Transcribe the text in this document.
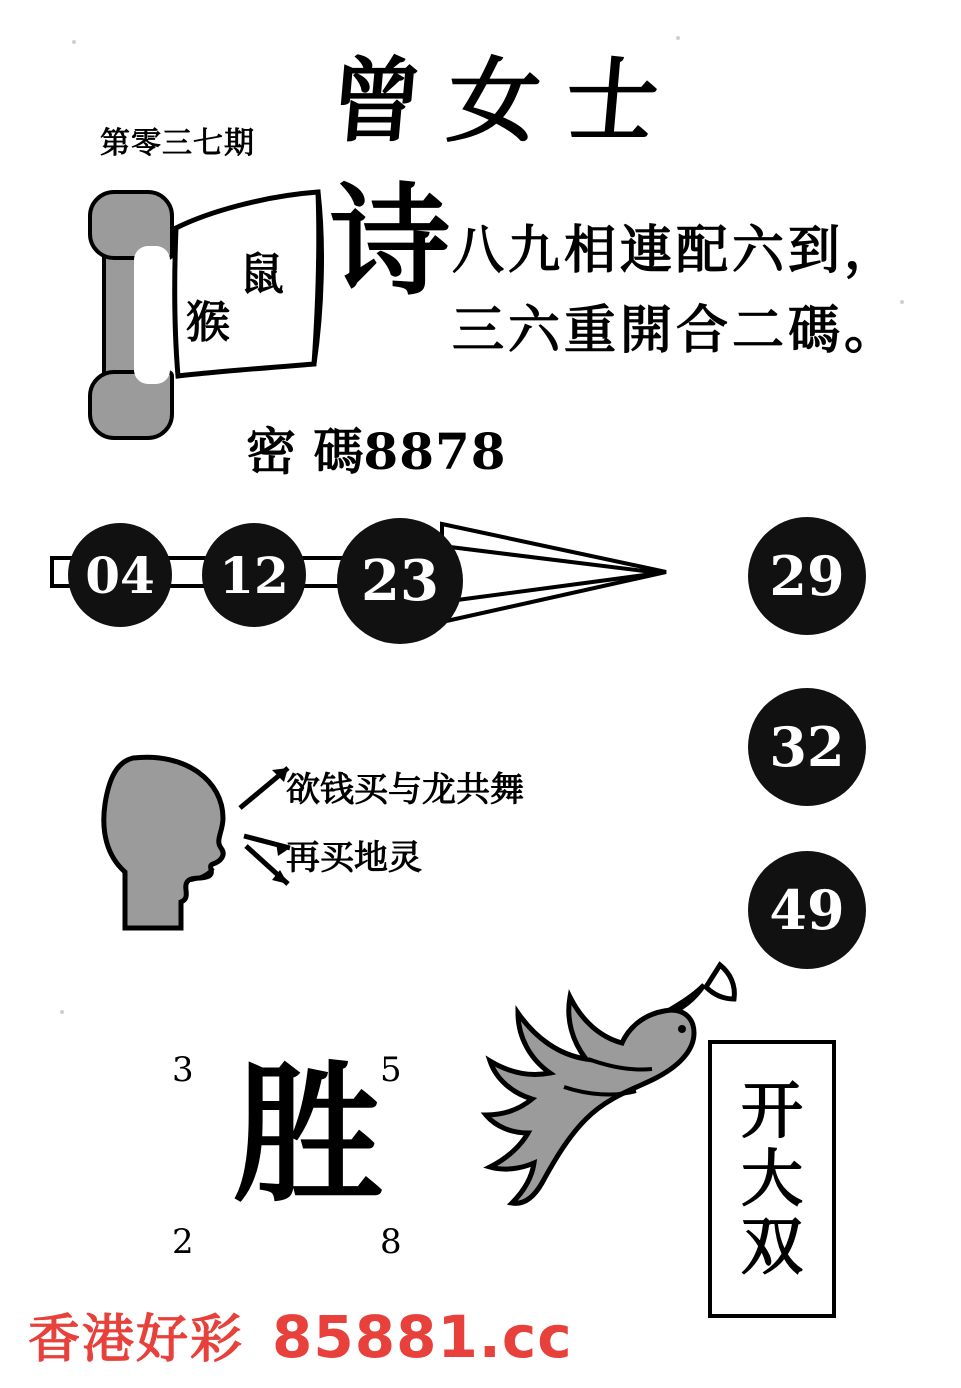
第零三七期 曾女士
鼠
猴
诗 八九相連配六到，
三六重開合二碼。
密 碼8878
04	12	23	29
32
49
欲钱买与龙共舞
再买地灵
开
大
双
胜
3	5
2	8
香港好彩 85881.cc
